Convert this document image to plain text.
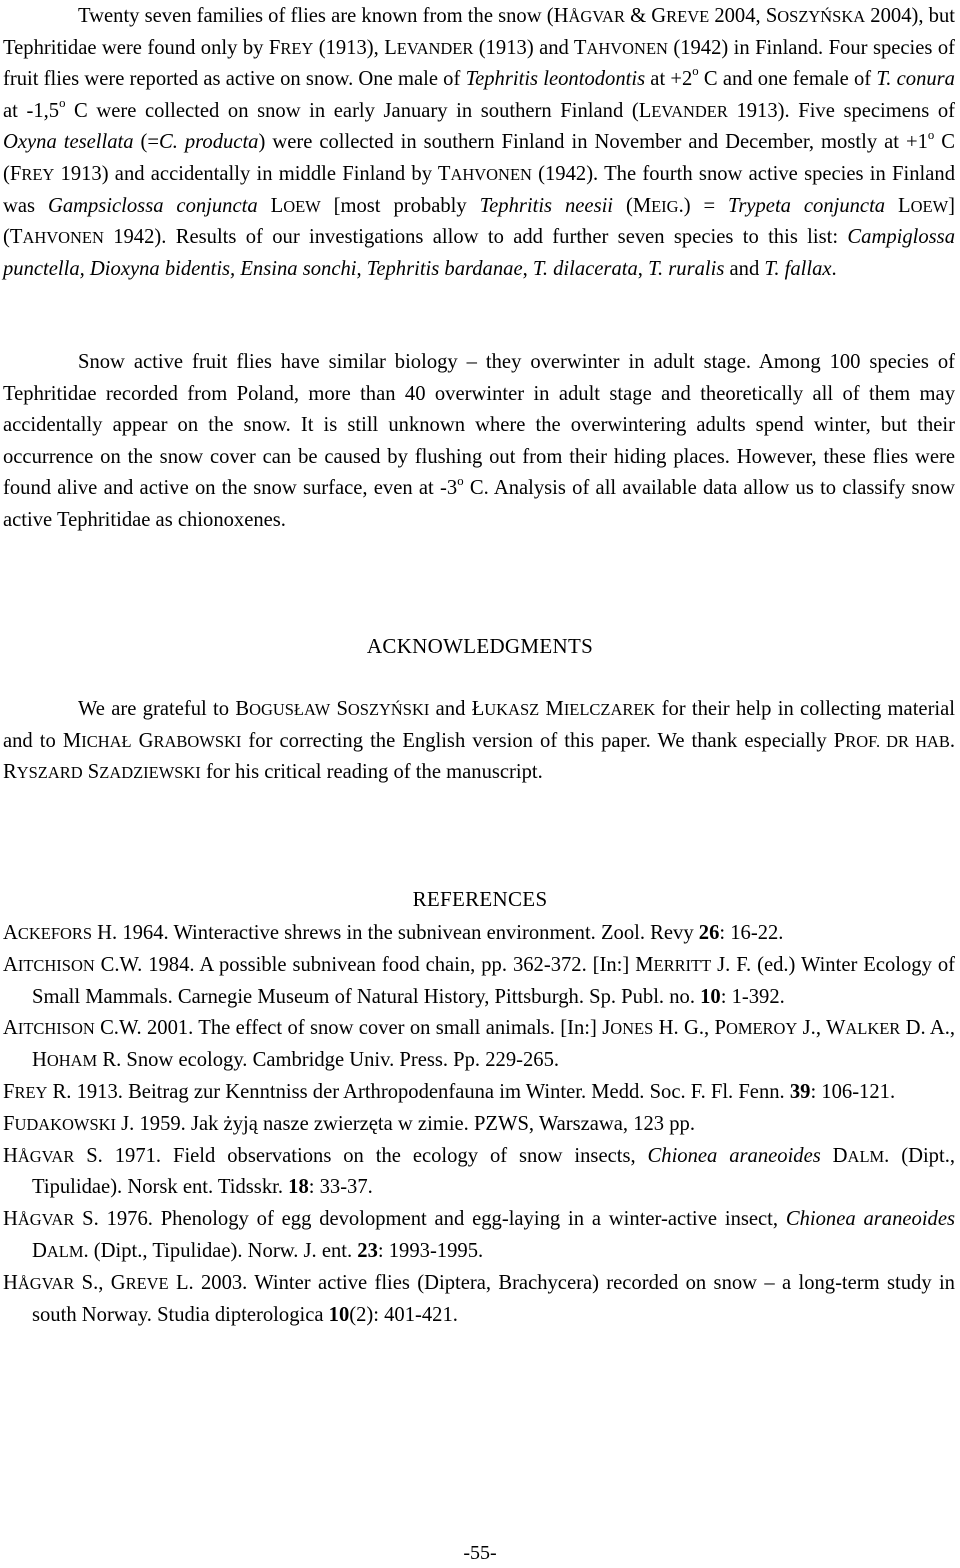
Twenty seven families of flies are known from the snow (HÅGVAR & GREVE 2004, SOSZYŃSKA 2004), but Tephritidae were found only by FREY (1913), LEVANDER (1913) and TAHVONEN (1942) in Finland. Four species of fruit flies were reported as active on snow. One male of Tephritis leontodontis at $+2^o$ C and one female of T. conura at -1,5$^o$ C were collected on snow in early January in southern Finland (LEVANDER 1913). Five specimens of Oxyna tesellata (=C. producta) were collected in southern Finland in November and December, mostly at $+1^o$ C (FREY 1913) and accidentally in middle Finland by TAHVONEN (1942). The fourth snow active species in Finland was Gampsiclossa conjuncta LOEW [most probably Tephritis neesii (MEIG.) = Trypeta conjuncta LOEW] (TAHVONEN 1942). Results of our investigations allow to add further seven species to this list: Campiglossa punctella, Dioxyna bidentis, Ensina sonchi, Tephritis bardanae, T. dilacerata, T. ruralis and T. fallax.

Snow active fruit flies have similar biology – they overwinter in adult stage. Among 100 species of Tephritidae recorded from Poland, more than 40 overwinter in adult stage and theoretically all of them may accidentally appear on the snow. It is still unknown where the overwintering adults spend winter, but their occurrence on the snow cover can be caused by flushing out from their hiding places. However, these flies were found alive and active on the snow surface, even at -3$^o$ C. Analysis of all available data allow us to classify snow active Tephritidae as chionoxenes.

ACKNOWLEDGMENTS

We are grateful to BOGUSŁAW SOSZYŃSKI and ŁUKASZ MIELCZAREK for their help in collecting material and to MICHAŁ GRABOWSKI for correcting the English version of this paper. We thank especially PROF. DR HAB. RYSZARD SZADZIEWSKI for his critical reading of the manuscript.

REFERENCES
ACKEFORS H. 1964. Winteractive shrews in the subnivean environment. Zool. Revy 26: 16-22.
AITCHISON C.W. 1984. A possible subnivean food chain, pp. 362-372. [In:] MERRITT J. F. (ed.) Winter Ecology of Small Mammals. Carnegie Museum of Natural History, Pittsburgh. Sp. Publ. no. 10: 1-392.
AITCHISON C.W. 2001. The effect of snow cover on small animals. [In:] JONES H. G., POMEROY J., WALKER D. A., HOHAM R. Snow ecology. Cambridge Univ. Press. Pp. 229-265.
FREY R. 1913. Beitrag zur Kenntniss der Arthropodenfauna im Winter. Medd. Soc. F. Fl. Fenn. 39: 106-121.
FUDAKOWSKI J. 1959. Jak żyją nasze zwierzęta w zimie. PZWS, Warszawa, 123 pp.
HÅGVAR S. 1971. Field observations on the ecology of snow insects, Chionea araneoides DALM. (Dipt., Tipulidae). Norsk ent. Tidsskr. 18: 33-37.
HÅGVAR S. 1976. Phenology of egg devolopment and egg-laying in a winter-active insect, Chionea araneoides DALM. (Dipt., Tipulidae). Norw. J. ent. 23: 1993-1995.
HÅGVAR S., GREVE L. 2003. Winter active flies (Diptera, Brachycera) recorded on snow – a long-term study in south Norway. Studia dipterologica 10(2): 401-421.
-55-
